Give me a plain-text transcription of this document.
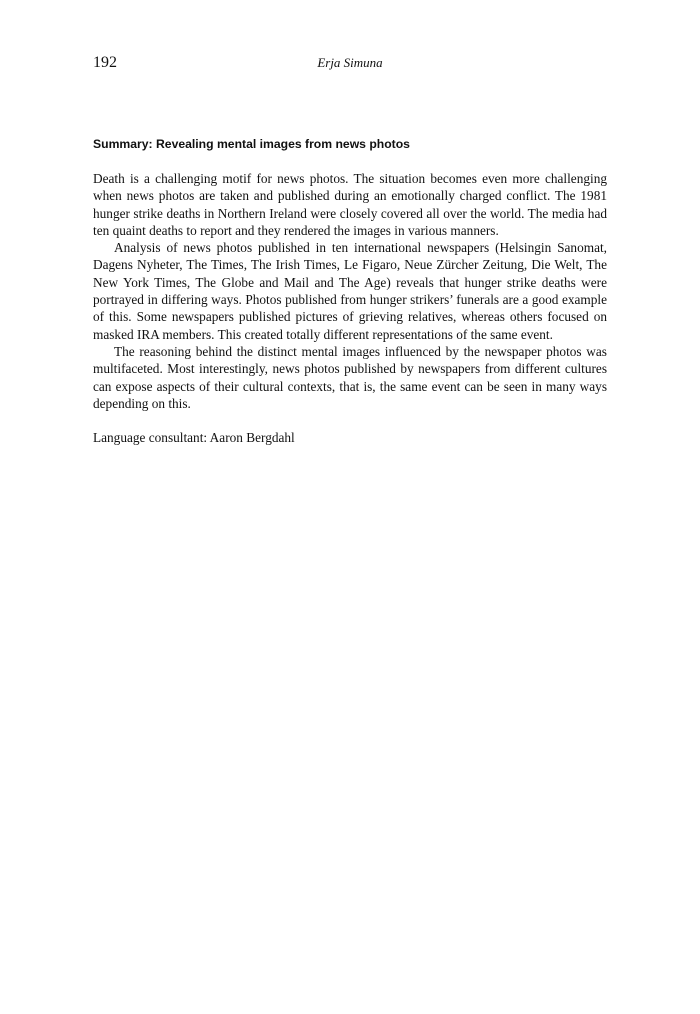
192	Erja Simuna
Summary: Revealing mental images from news photos

Death is a challenging motif for news photos. The situation becomes even more challenging when news photos are taken and published during an emotionally charged conflict. The 1981 hunger strike deaths in Northern Ireland were closely covered all over the world. The media had ten quaint deaths to report and they rendered the images in various manners.

Analysis of news photos published in ten international newspapers (Helsingin Sanomat, Dagens Nyheter, The Times, The Irish Times, Le Figaro, Neue Zürcher Zeitung, Die Welt, The New York Times, The Globe and Mail and The Age) reveals that hunger strike deaths were portrayed in differing ways. Photos published from hunger strikers’ funerals are a good example of this. Some newspapers published pictures of grieving relatives, whereas others focused on masked IRA members. This created totally different representations of the same event.

The reasoning behind the distinct mental images influenced by the newspaper photos was multifaceted. Most interestingly, news photos published by newspapers from different cultures can expose aspects of their cultural contexts, that is, the same event can be seen in many ways depending on this.

Language consultant: Aaron Bergdahl
